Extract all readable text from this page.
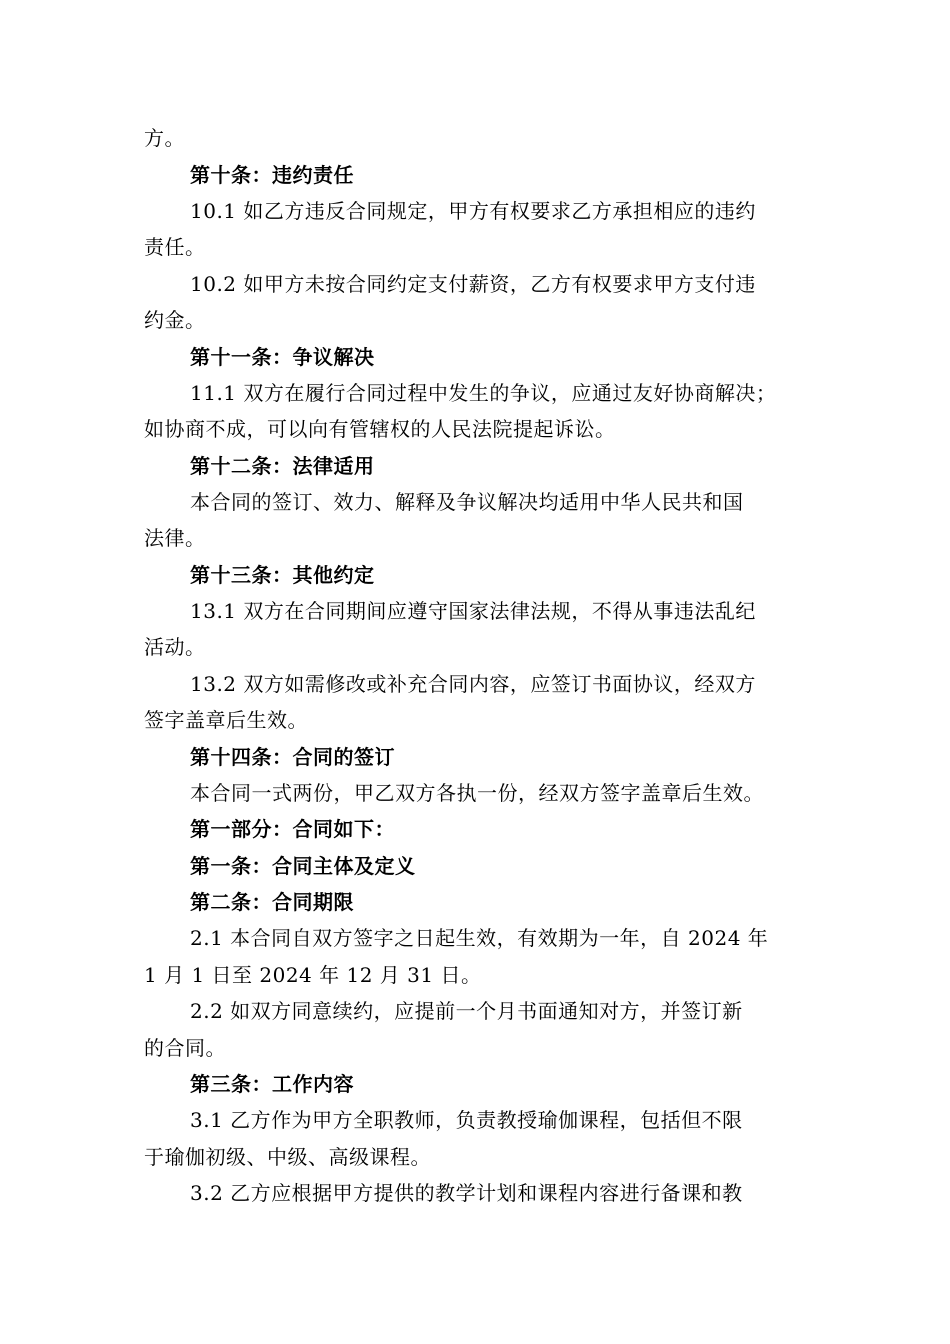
方。
第十条：违约责任
10.1 如乙方违反合同规定，甲方有权要求乙方承担相应的违约
责任。
10.2 如甲方未按合同约定支付薪资，乙方有权要求甲方支付违
约金。
第十一条：争议解决
11.1 双方在履行合同过程中发生的争议，应通过友好协商解决；
如协商不成，可以向有管辖权的人民法院提起诉讼。
第十二条：法律适用
本合同的签订、效力、解释及争议解决均适用中华人民共和国
法律。
第十三条：其他约定
13.1 双方在合同期间应遵守国家法律法规，不得从事违法乱纪
活动。
13.2 双方如需修改或补充合同内容，应签订书面协议，经双方
签字盖章后生效。
第十四条：合同的签订
本合同一式两份，甲乙双方各执一份，经双方签字盖章后生效。
第一部分：合同如下：
第一条：合同主体及定义
第二条：合同期限
2.1 本合同自双方签字之日起生效，有效期为一年，自 2024 年
1 月 1 日至 2024 年 12 月 31 日。
2.2 如双方同意续约，应提前一个月书面通知对方，并签订新
的合同。
第三条：工作内容
3.1 乙方作为甲方全职教师，负责教授瑜伽课程，包括但不限
于瑜伽初级、中级、高级课程。
3.2 乙方应根据甲方提供的教学计划和课程内容进行备课和教
